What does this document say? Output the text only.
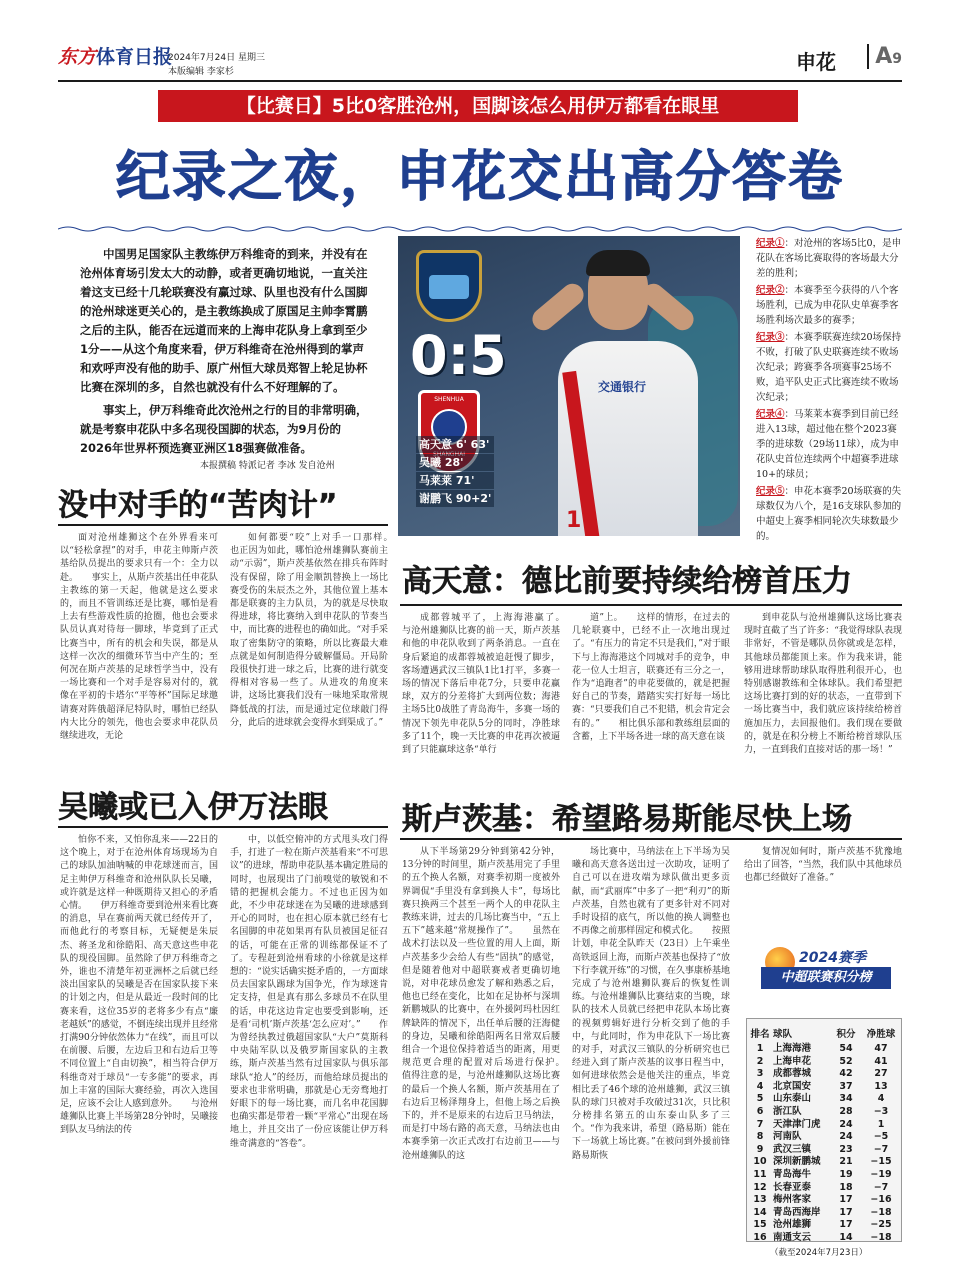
东方体育日报
2024年7月24日 星期三
本版编辑 李家杉	申花	A9
【比赛日】5比0客胜沧州，国脚该怎么用伊万都看在眼里
纪录之夜，申花交出高分答卷

中国男足国家队主教练伊万科维奇的到来，并没有在沧州体育场引发太大的动静，或者更确切地说，一直关注着这支已经十几轮联赛没有赢过球、队里也没有什么国脚的沧州球迷更关心的，是主教练换成了原国足主帅李霄鹏之后的主队，能否在远道而来的上海申花队身上拿到至少1分——从这个角度来看，伊万科维奇在沧州得到的掌声和欢呼声没有他的助手、原广州恒大球员郑智上轮足协杯比赛在深圳的多，自然也就没有什么不好理解的了。

事实上，伊万科维奇此次沧州之行的目的非常明确，就是考察申花队中多名现役国脚的状态，为9月份的2026年世界杯预选赛亚洲区18强赛做准备。

本报撰稿 特派记者 李冰 发自沧州
交通银行
17
0:5
SHENHUA
高天意 6' 63'
吴曦 28'
马莱莱 71'
谢鹏飞 90+2'

纪录①：对沧州的客场5比0，是申花队在客场比赛取得的客场最大分差的胜利；

纪录②：本赛季至今获得的八个客场胜利，已成为申花队史单赛季客场胜利场次最多的赛季；

纪录③：本赛季联赛连续20场保持不败，打破了队史联赛连续不败场次纪录；跨赛季各项赛事25场不败，追平队史正式比赛连续不败场次纪录；

纪录④：马莱莱本赛季到目前已经进入13球，超过他在整个2023赛季的进球数（29场11球），成为申花队史首位连续两个中超赛季进球10+的球员；

纪录⑤：申花本赛季20场联赛的失球数仅为八个，是16支球队参加的中超史上赛季相同轮次失球数最少的。

没中对手的“苦肉计”

面对沧州雄狮这个在外界看来可以“轻松拿捏”的对手，申花主帅斯卢茨基给队员提出的要求只有一个：全力以赴。　　事实上，从斯卢茨基出任申花队主教练的第一天起，他就是这么要求的，而且不管训练还是比赛，哪怕是看上去有些游戏性质的抢圈，他也会要求队员认真对待每一脚球，毕竟到了正式比赛当中，所有的机会和失误，都是从这样一次次的细微环节当中产生的；至何况在斯卢茨基的足球哲学当中，没有一场比赛和一个对手是容易对付的，就像在平初的卡塔尔“平等杯”国际足球邀请赛对阵俄超泽尼特队时，哪怕已经队内大比分的领先，他也会要求申花队员继续进攻，无论

如何都要“咬”上对手一口那样。　　也正因为如此，哪怕沧州雄狮队赛前主动“示弱”，斯卢茨基依然在排兵布阵时没有保留，除了用金顺凯替换上一场比赛受伤的朱辰杰之外，其他位置上基本都是联赛的主力队员，为的就是尽快取得进球，将比赛纳入到申花队的节奏当中，而比赛的进程也的确如此。“对手采取了密集防守的策略，所以比赛最大难点就是如何制造得分破解僵局。开局阶段很快打进一球之后，比赛的进行就变得相对容易一些了。从进攻的角度来讲，这场比赛我们没有一味地采取常规降低战的打法，而是通过定位球敲门得分，此后的进球就会变得水到渠成了。”

高天意：德比前要持续给榜首压力

成都蓉城平了，上海海港赢了。　　与沧州雄狮队比赛的前一天，斯卢茨基和他的申花队收到了两条消息。一直在身后紧追的成都蓉城被追赶慢了脚步，客场遭遇武汉三镇队1比1打平，多赛一场的情况下落后申花7分，只要申花赢球，双方的分差将扩大到两位数；海港主场5比0战胜了青岛海牛，多赛一场的情况下领先申花队5分的同时，净胜球多了11个，晚一天比赛的申花再次被逼到了只能赢球这条“单行

道”上。　　这样的情形，在过去的几轮联赛中，已经不止一次地出现过了。“有压力的肯定不只是我们，”对于眼下与上海海港这个同城对手的竞争，申花一位人士坦言，联赛还有三分之一，作为“追跑者”的申花要做的，就是把握好自己的节奏，踏踏实实打好每一场比赛：“只要我们自己不犯错，机会肯定会有的。”　　相比俱乐部和教练组层面的含蓄，上下半场各进一球的高天意在谈

到申花队与沧州雄狮队这场比赛表现时直截了当了许多：“我觉得球队表现非常好，不管是哪队员你就或是怎样，其他球员都能顶上来。作为我来讲，能够用进球帮助球队取得胜利很开心，也特别感谢教练和全体球队。我们希望把这场比赛打到的好的状态，一直带到下一场比赛当中，我们就应该持续给榜首施加压力，去回报他们。我们现在要做的，就是在积分榜上不断给榜首球队压力，一直到我们直接对话的那一场！”

吴曦或已入伊万法眼

怕你不来，又怕你乱来——22日的这个晚上，对于在沧州体育场现场为自己的球队加油呐喊的申花球迷而言，国足主帅伊万科维奇和沧州队队长吴曦，或许就是这样一种既期待又担心的矛盾心情。　　伊万科维奇要到沧州来看比赛的消息，早在赛前两天就已经传开了，而他此行的考察目标，无疑便是朱辰杰、蒋圣龙和徐皓阳、高天意这些申花队的现役国脚。虽然除了伊万科维奇之外，谁也不清楚年初亚洲杯之后就已经淡出国家队的吴曦是否在国家队接下来的计划之内，但是从最近一段时间的比赛来看，这位35岁的老将多少有点“廉老越妖”的感觉，不倒连续出现并且经常打满90分钟依然体力“在线”，而且可以在前腰、后腰，左边后卫和右边后卫等不同位置上“自由切换”，相当符合伊万科维奇对于球员“一专多能”的要求，再加上丰富的国际大赛经验，再次入选国足，应该不会让人感到意外。　　与沧州雄狮队比赛上半场第28分钟时，吴曦接到队友马纳法的传

中，以低空俯冲的方式甩头攻门得手，打进了一粒在斯卢茨基看来“不可思议”的进球，帮助申花队基本确定胜局的同时，也展现出了门前嗅觉的敏锐和不错的把握机会能力。不过也正因为如此，不少申花球迷在为吴曦的进球感到开心的同时，也在担心原本就已经有七名国脚的申花如果再有队员被国足征召的话，可能在正常的训练都保证不了了。专程赶到沧州看球的小徐就是这样想的：“说实话确实挺矛盾的，一方面球员去国家队踢球为国争光，作为球迷肯定支持，但是真有那么多球员不在队里的话，申花这边肯定也要受到影响，还是看‘司机’斯卢茨基‘怎么应对’。”　　作为曾经执教过俄超国家队“大户”莫斯科中央陆军队以及俄罗斯国家队的主教练，斯卢茨基当然有过国家队与俱乐部球队“抢人”的经历，而他给球员提出的要求也非常明确，那就是心无旁骛地打好眼下的每一场比赛，而几名申花国脚也确实都是带着一颗“平常心”出现在场地上，并且交出了一份应该能让伊万科维奇满意的“答卷”。

斯卢茨基：希望路易斯能尽快上场

从下半场第29分钟到第42分钟，13分钟的时间里，斯卢茨基用完了手里的五个换人名额，对赛季初期一度被外界调侃“手里没有拿到换人卡”，每场比赛只换两三个甚至一两个人的申花队主教练来讲，过去的几场比赛当中，“五上五下”越来越“常规操作了”。　　虽然在战术打法以及一些位置的用人上面，斯卢茨基多少会给人有些“固执”的感觉，但是随着他对中超联赛戒者更确切地说，对申花球员愈发了解和熟悉之后，他也已经在变化，比如在足协杯与深圳新鹏城队的比赛中，在外援阿玛杜因红牌缺阵的情况下，出任单后腰的汪海健的身边，吴曦和徐皓阳两名日常双后腰组合一个退位保持着适当的距离，用更规范更合理的配置对后场进行保护。　　值得注意的是，与沧州雄狮队这场比赛的最后一个换人名额，斯卢茨基用在了右边后卫杨泽翔身上，但他上场之后换下的，并不是原来的右边后卫马纳法，而是打中场右路的高天意，马纳法也由本赛季第一次正式改打右边前卫——与沧州雄狮队的这

场比赛中，马纳法在上下半场为吴曦和高天意各送出过一次助攻，证明了自己可以在进攻端为球队做出更多贡献，而“武丽库”中多了一把“利刃”的斯卢茨基，自然也就有了更多针对不同对手时设招的底气，所以他的换人调整也不再像之前那样固定和模式化。　　按照计划，申花全队昨天（23日）上午乘坐高铁返回上海，而斯卢茨基也保持了“放下行李就开练”的习惯，在久事康桥基地完成了与沧州雄狮队赛后的恢复性训练。与沧州雄狮队比赛结束的当晚，球队的技术人员就已经把申花队本场比赛的视频剪辑好进行分析交到了他的手中，与此同时，作为申花队下一场比赛的对手，对武汉三镇队的分析研究也已经进入到了斯卢茨基的议事日程当中，如何进球依然会是他关注的重点，毕竟相比丢了46个球的沧州雄狮，武汉三镇队的球门只被对手攻破过31次，只比积分榜排名第五的山东泰山队多了三个。“作为我来讲，希望（路易斯）能在下一场就上场比赛。”在被问到外援前锋路易斯恢

复情况如何时，斯卢茨基不犹豫地给出了回答，“当然，我们队中其他球员也都已经做好了准备。”

2024赛季
中超联赛积分榜
排名 球队	积分	净胜球
1	上海海港	54	47
2	上海申花	52	41
3	成都蓉城	42	27
4	北京国安	37	13
5	山东泰山	34	4
6	浙江队	28	−3
7	天津津门虎	24	1
8	河南队	24	−5
9	武汉三镇	23	−7
10 深圳新鹏城	21	−15
11 青岛海牛	19	−19
12 长春亚泰	18	−7
13 梅州客家	17	−16
14 青岛西海岸	17	−18
15 沧州雄狮	17	−25
16 南通支云	14	−18
（截至2024年7月23日）
